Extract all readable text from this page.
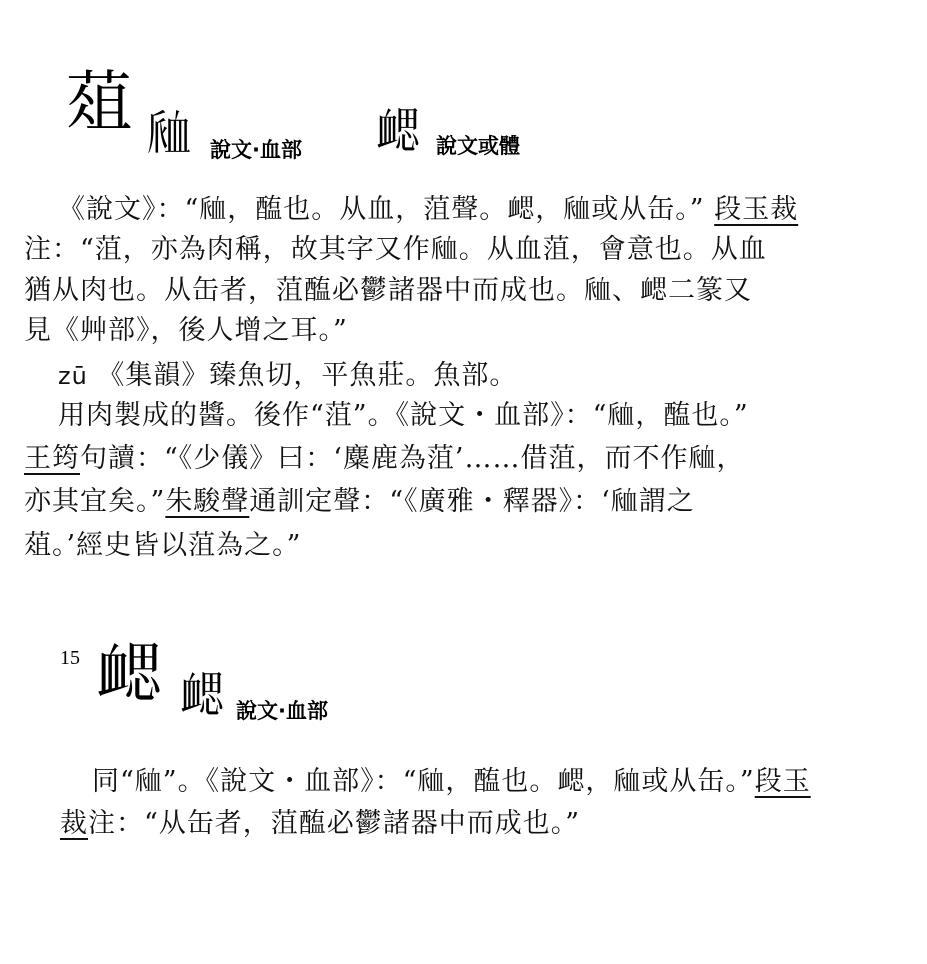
葅 𧖴 說文·血部 𧗂 說文或體
《說文》：“𧖴，醢也。从血，菹聲。𧗂，𧖴或从缶。” 段玉裁
注：“菹，亦為肉稱，故其字又作𧖴。从血菹，會意也。从血
猶从肉也。从缶者，菹醢必鬱諸器中而成也。𧖴、𧗂二篆又
見《艸部》，後人增之耳。”
zū 《集韻》臻魚切，平魚莊。魚部。
用肉製成的醬。後作“菹”。《說文・血部》：“𧖴，醢也。”
王筠句讀：“《少儀》曰：‘麋鹿為菹’……借菹，而不作𧖴，
亦其宜矣。”朱駿聲通訓定聲：“《廣雅・釋器》：‘𧖴謂之
葅。’經史皆以菹為之。”
15 𧗂 𧗂 說文·血部
同“𧖴”。《說文・血部》：“𧖴，醢也。𧗂，𧖴或从缶。”段玉
裁注：“从缶者，菹醢必鬱諸器中而成也。”
